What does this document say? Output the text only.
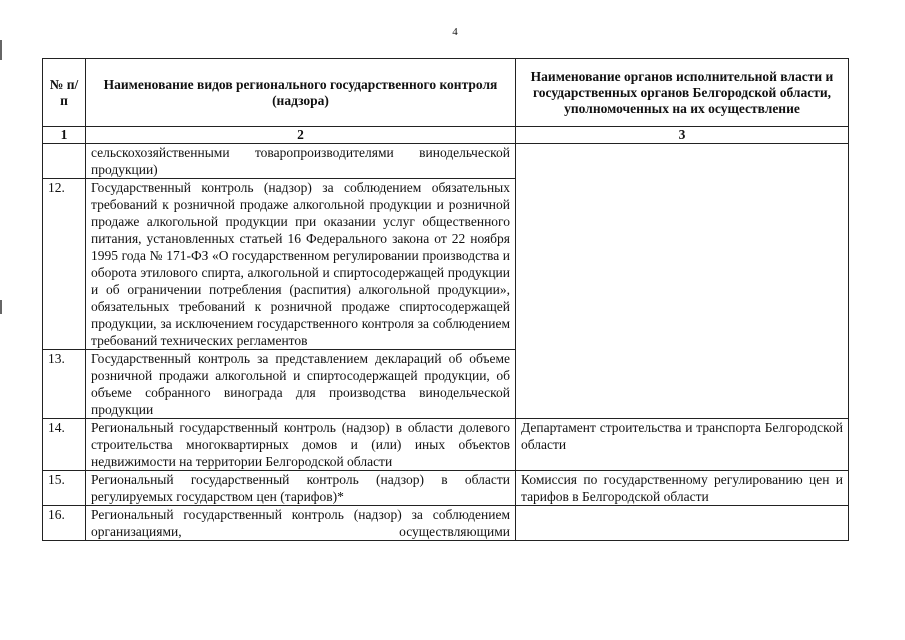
4
№ п/п	Наименование видов регионального государственного контроля (надзора)	Наименование органов исполнительной власти и государственных органов Белгородской области, уполномоченных на их осуществление
1	2	3
	сельскохозяйственными товаропроизводителями винодельческой продукции)	
12.	Государственный контроль (надзор) за соблюдением обязательных требований к розничной продаже алкогольной продукции и розничной продаже алкогольной продукции при оказании услуг общественного питания, установленных статьей 16 Федерального закона от 22 ноября 1995 года № 171-ФЗ «О государственном регулировании производства и оборота этилового спирта, алкогольной и спиртосодержащей продукции и об ограничении потребления (распития) алкогольной продукции», обязательных требований к розничной продаже спиртосодержащей продукции, за исключением государственного контроля за соблюдением требований технических регламентов	
13.	Государственный контроль за представлением деклараций об объеме розничной продажи алкогольной и спиртосодержащей продукции, об объеме собранного винограда для производства винодельческой продукции	
14.	Региональный государственный контроль (надзор) в области долевого строительства многоквартирных домов и (или) иных объектов недвижимости на территории Белгородской области	Департамент строительства и транспорта Белгородской области
15.	Региональный государственный контроль (надзор) в области регулируемых государством цен (тарифов)*	Комиссия по государственному регулированию цен и тарифов в Белгородской области
16.	Региональный государственный контроль (надзор) за соблюдением организациями, осуществляющими	
